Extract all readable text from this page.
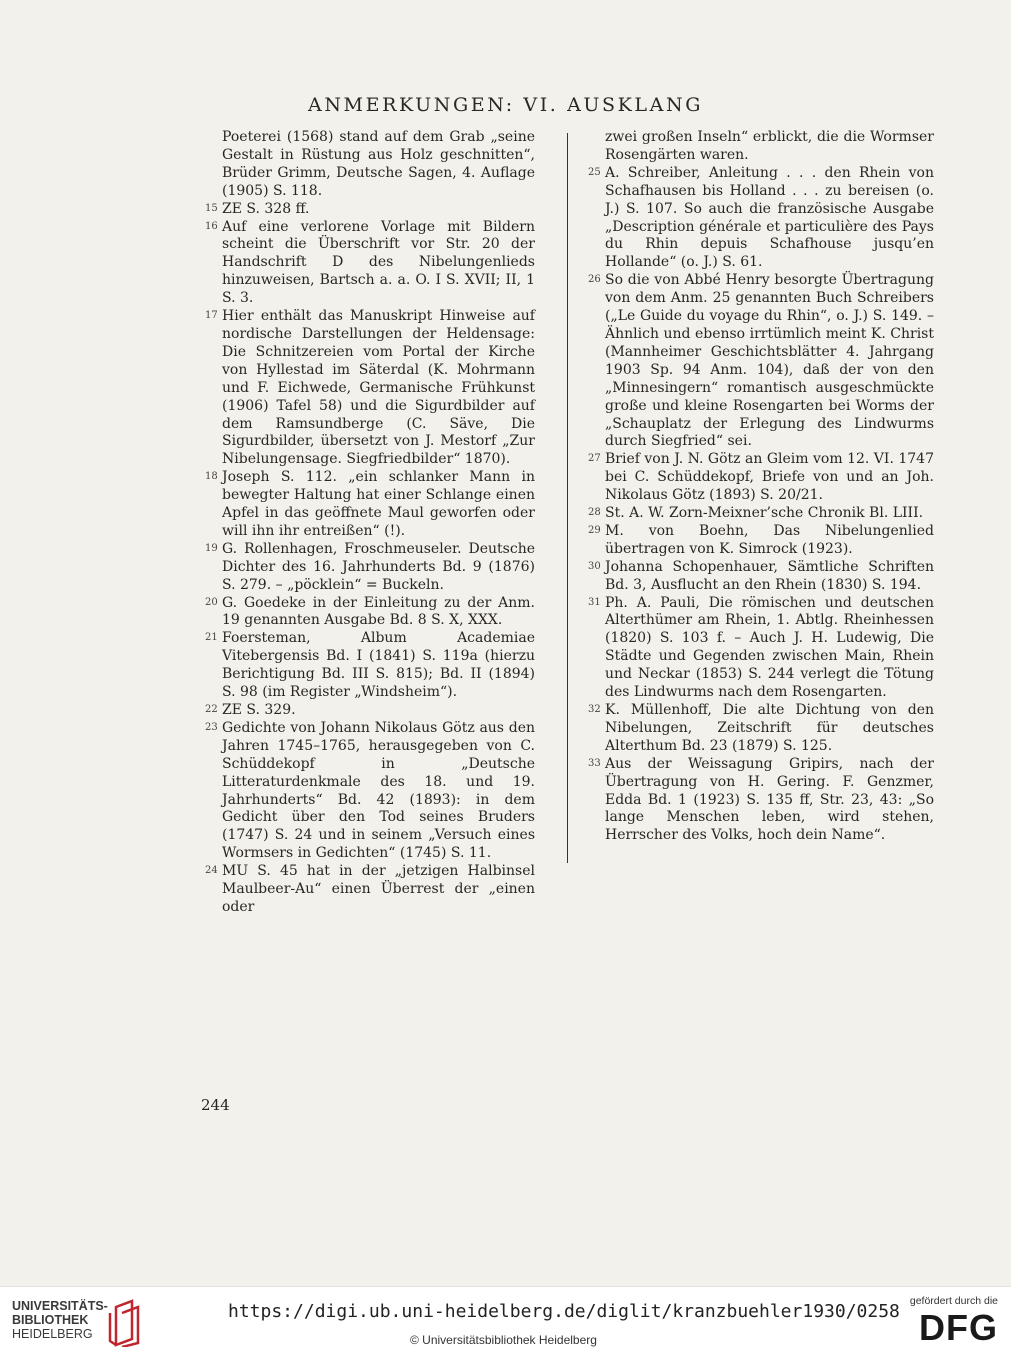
ANMERKUNGEN: VI. AUSKLANG
Poeterei (1568) stand auf dem Grab „seine Gestalt in Rüstung aus Holz geschnitten“, Brüder Grimm, Deutsche Sagen, 4. Auflage (1905) S. 118.
15 ZE S. 328 ff.
16 Auf eine verlorene Vorlage mit Bildern scheint die Überschrift vor Str. 20 der Handschrift D des Nibelungenlieds hinzuweisen, Bartsch a. a. O. I S. XVII; II, 1 S. 3.
17 Hier enthält das Manuskript Hinweise auf nordische Darstellungen der Heldensage: Die Schnitzereien vom Portal der Kirche von Hyllestad im Säterdal (K. Mohrmann und F. Eichwede, Germanische Frühkunst (1906) Tafel 58) und die Sigurdbilder auf dem Ramsundberge (C. Säve, Die Sigurdbilder, übersetzt von J. Mestorf „Zur Nibelungensage. Siegfriedbilder“ 1870).
18 Joseph S. 112. „ein schlanker Mann in bewegter Haltung hat einer Schlange einen Apfel in das geöffnete Maul geworfen oder will ihn ihr entreißen“ (!).
19 G. Rollenhagen, Froschmeuseler. Deutsche Dichter des 16. Jahrhunderts Bd. 9 (1876) S. 279. – „pöcklein“ = Buckeln.
20 G. Goedeke in der Einleitung zu der Anm. 19 genannten Ausgabe Bd. 8 S. X, XXX.
21 Foersteman, Album Academiae Vitebergensis Bd. I (1841) S. 119a (hierzu Berichtigung Bd. III S. 815); Bd. II (1894) S. 98 (im Register „Windsheim“).
22 ZE S. 329.
23 Gedichte von Johann Nikolaus Götz aus den Jahren 1745–1765, herausgegeben von C. Schüddekopf in „Deutsche Litteraturdenkmale des 18. und 19. Jahrhunderts“ Bd. 42 (1893): in dem Gedicht über den Tod seines Bruders (1747) S. 24 und in seinem „Versuch eines Wormsers in Gedichten“ (1745) S. 11.
24 MU S. 45 hat in der „jetzigen Halbinsel Maulbeer-Au“ einen Überrest der „einen oder
zwei großen Inseln“ erblickt, die die Wormser Rosengärten waren.
25 A. Schreiber, Anleitung . . . den Rhein von Schafhausen bis Holland . . . zu bereisen (o. J.) S. 107. So auch die französische Ausgabe „Description générale et particulière des Pays du Rhin depuis Schafhouse jusqu’en Hollande“ (o. J.) S. 61.
26 So die von Abbé Henry besorgte Übertragung von dem Anm. 25 genannten Buch Schreibers („Le Guide du voyage du Rhin“, o. J.) S. 149. – Ähnlich und ebenso irrtümlich meint K. Christ (Mannheimer Geschichtsblätter 4. Jahrgang 1903 Sp. 94 Anm. 104), daß der von den „Minnesingern“ romantisch ausgeschmückte große und kleine Rosengarten bei Worms der „Schauplatz der Erlegung des Lindwurms durch Siegfried“ sei.
27 Brief von J. N. Götz an Gleim vom 12. VI. 1747 bei C. Schüddekopf, Briefe von und an Joh. Nikolaus Götz (1893) S. 20/21.
28 St. A. W. Zorn-Meixner’sche Chronik Bl. LIII.
29 M. von Boehn, Das Nibelungenlied übertragen von K. Simrock (1923).
30 Johanna Schopenhauer, Sämtliche Schriften Bd. 3, Ausflucht an den Rhein (1830) S. 194.
31 Ph. A. Pauli, Die römischen und deutschen Alterthümer am Rhein, 1. Abtlg. Rheinhessen (1820) S. 103 f. – Auch J. H. Ludewig, Die Städte und Gegenden zwischen Main, Rhein und Neckar (1853) S. 244 verlegt die Tötung des Lindwurms nach dem Rosengarten.
32 K. Müllenhoff, Die alte Dichtung von den Nibelungen, Zeitschrift für deutsches Alterthum Bd. 23 (1879) S. 125.
33 Aus der Weissagung Gripirs, nach der Übertragung von H. Gering. F. Genzmer, Edda Bd. 1 (1923) S. 135 ff, Str. 23, 43: „So lange Menschen leben, wird stehen, Herrscher des Volks, hoch dein Name“.
244
UNIVERSITÄTS-
BIBLIOTHEK
HEIDELBERG
https://digi.ub.uni-heidelberg.de/diglit/kranzbuehler1930/0258
© Universitätsbibliothek Heidelberg
gefördert durch die
DFG
